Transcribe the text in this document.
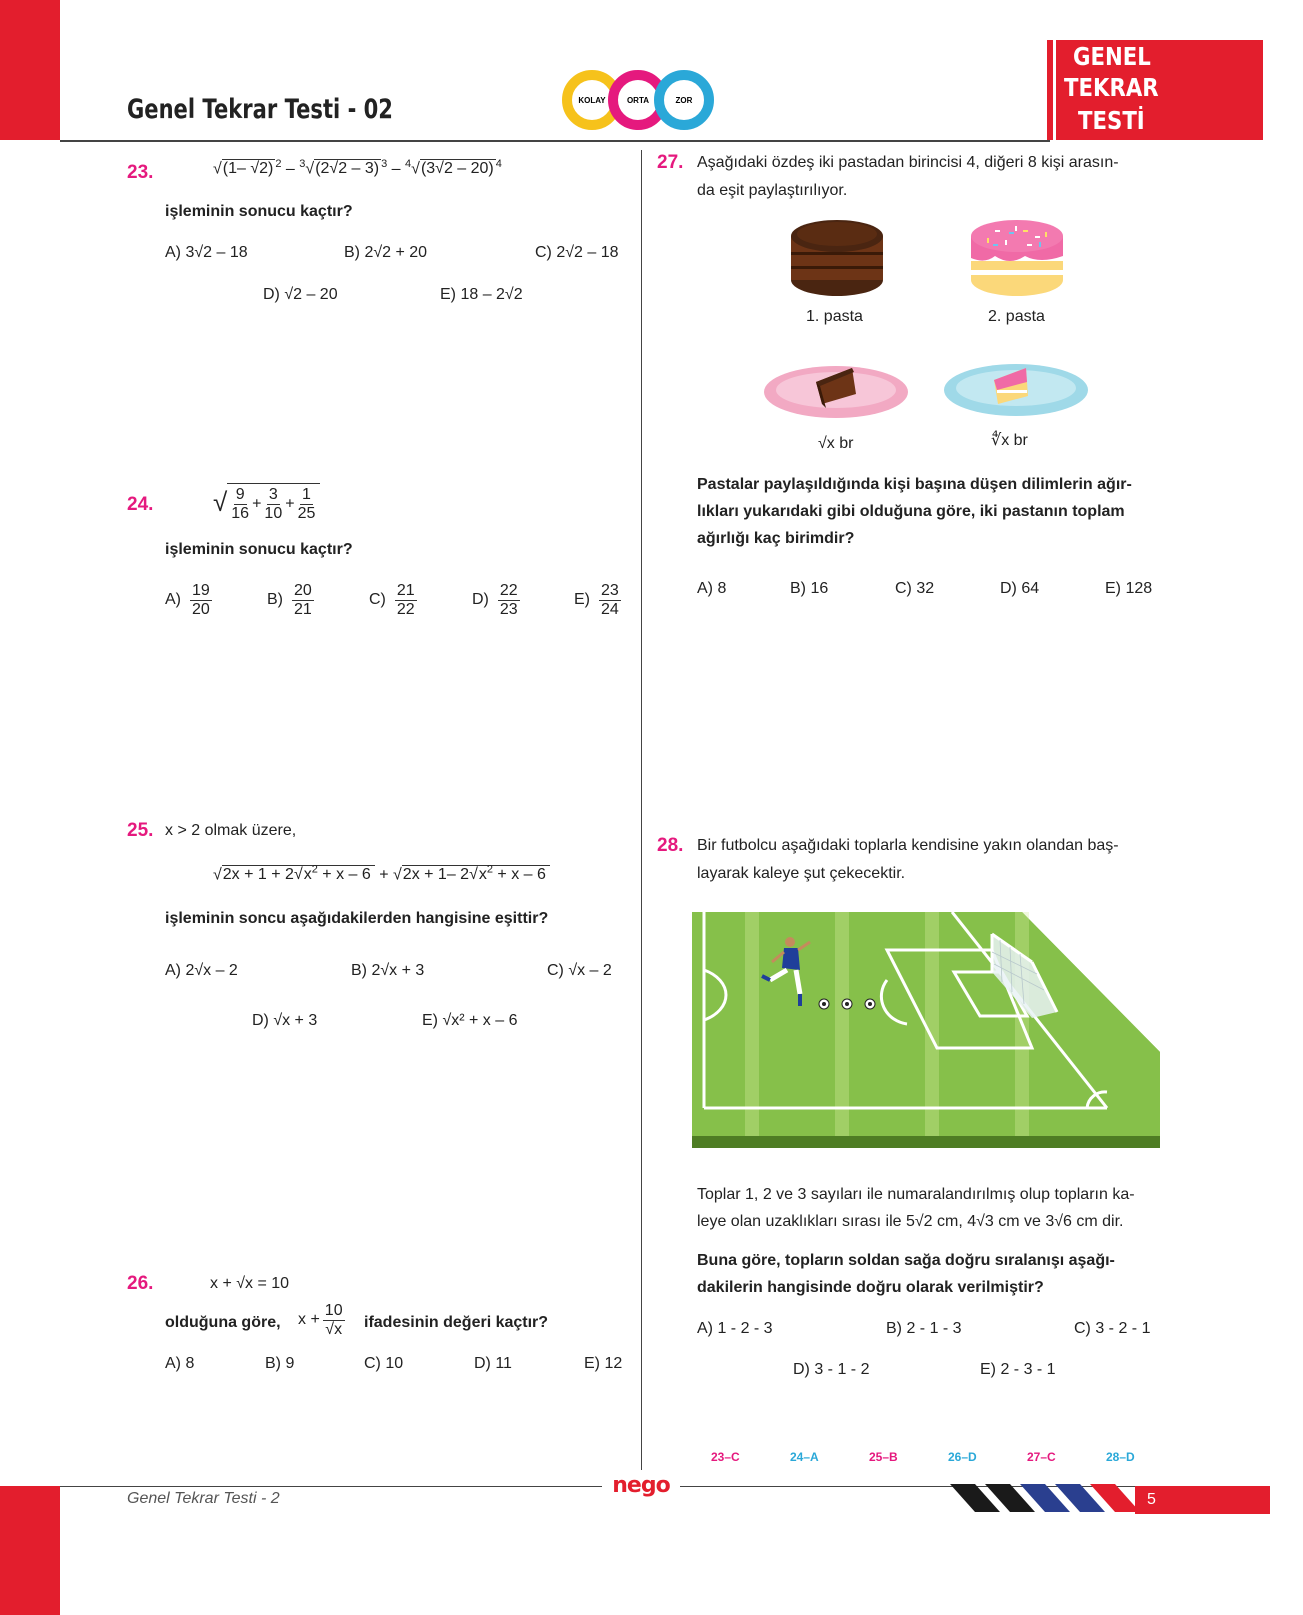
Genel Tekrar Testi - 02	KOLAY	ORTA	ZOR
GENEL
TEKRAR
TESTİ
23.	√(1– √2) $^2$ – $^3$√(2√2 – 3) $^3$ – $^4$√(3√2 – 20) $^4$
işleminin sonucu kaçtır?
A) 3√2 – 18	B) 2√2 + 20	C) 2√2 – 18
D) √2 – 20	E) 18 – 2√2
24. √ $\frac{9}{16} + \frac{3}{10} + \frac{1}{25}$
işleminin sonucu kaçtır?
$A) \frac{19}{20}$	$B) \frac{20}{21}$	$C) \frac{21}{22}$	$D) \frac{22}{23}$	$E) \frac{23}{24}$
25. x > 2 olmak üzere,
$√2x + 1 + 2√x^2 + x - 6 + √2x + 1-$ $2√x^2 + x - 6$
işleminin soncu aşağıdakilerden hangisine eşittir?
A) 2√x – 2	B) 2√x + 3	C) √x – 2
D) √x + 3	E) √x² + x – 6
26.	x + √x = 10
olduğuna göre, $x + \frac{10}{√x}$ ifadesinin değeri kaçtır?
A) 8	B) 9	C) 10	D) 11	E) 12
27. Aşağıdaki özdeş iki pastadan birincisi 4, diğeri 8 kişi arasın-
da eşit paylaştırılıyor.
1. pasta	2. pasta
√x br	∜x br
Pastalar paylaşıldığında kişi başına düşen dilimlerin ağır-
lıkları yukarıdaki gibi olduğuna göre, iki pastanın toplam
ağırlığı kaç birimdir?
A) 8	B) 16	C) 32	D) 64	E) 128
28. Bir futbolcu aşağıdaki toplarla kendisine yakın olandan baş-
layarak kaleye şut çekecektir.
Toplar 1, 2 ve 3 sayıları ile numaralandırılmış olup topların ka-
leye olan uzaklıkları sırası ile 5√2 cm, 4√3 cm ve 3√6 cm dir.
Buna göre, topların soldan sağa doğru sıralanışı aşağı-
dakilerin hangisinde doğru olarak verilmiştir?
A) 1 - 2 - 3	B) 2 - 1 - 3	C) 3 - 2 - 1
D) 3 - 1 - 2	E) 2 - 3 - 1
23–C	24–A	25–B	26–D	27–C	28–D
Genel Tekrar Testi - 2
nego
5
